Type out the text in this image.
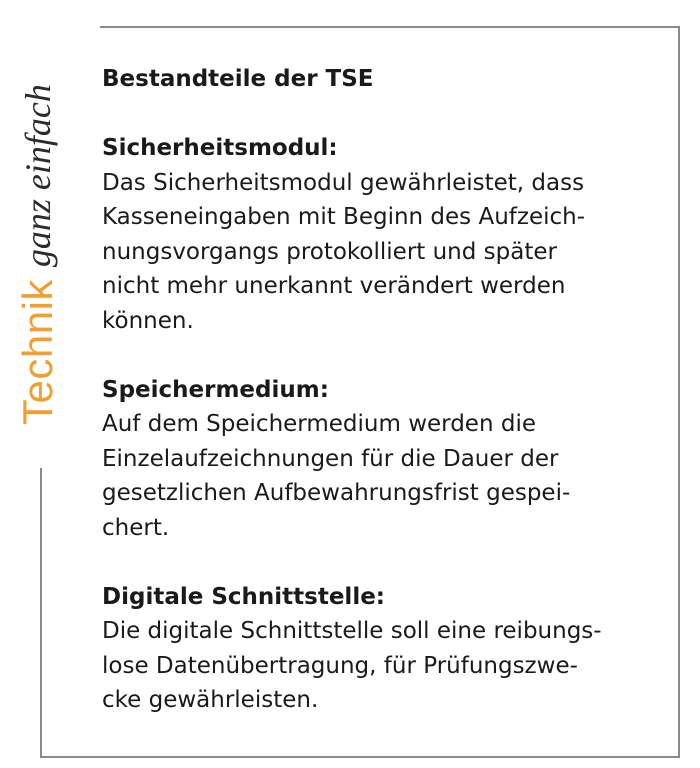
Technik
ganz einfach
Bestandteile der TSE
Sicherheitsmodul:
Das Sicherheitsmodul gewährleistet, dass
Kasseneingaben mit Beginn des Aufzeich-
nungsvorgangs protokolliert und später
nicht mehr unerkannt verändert werden
können.
Speichermedium:
Auf dem Speichermedium werden die
Einzelaufzeichnungen für die Dauer der
gesetzlichen Aufbewahrungsfrist gespei-
chert.
Digitale Schnittstelle:
Die digitale Schnittstelle soll eine reibungs-
lose Datenübertragung, für Prüfungszwe-
cke gewährleisten.
